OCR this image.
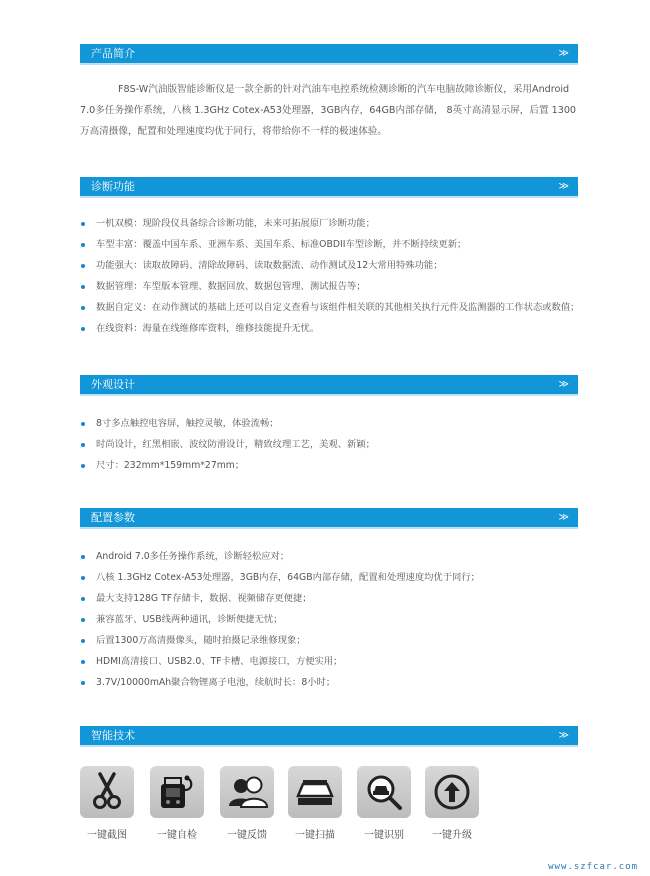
产品简介	≫
F8S-W汽油版智能诊断仪是一款全新的针对汽油车电控系统检测诊断的汽车电脑故障诊断仪，采用Android 7.0多任务操作系统，八核 1.3GHz Cotex-A53处理器，3GB内存，64GB内部存储， 8英寸高清显示屏，后置 1300万高清摄像，配置和处理速度均优于同行，将带给你不一样的极速体验。
诊断功能	≫
一机双模：现阶段仪具备综合诊断功能，未来可拓展原厂诊断功能；
车型丰富：覆盖中国车系、亚洲车系、美国车系、标准OBDII车型诊断，并不断持续更新；
功能强大：读取故障码、清除故障码、读取数据流、动作测试及12大常用特殊功能；
数据管理：车型版本管理、数据回放、数据包管理、测试报告等；
数据自定义：在动作测试的基础上还可以自定义查看与该组件相关联的其他相关执行元件及监测器的工作状态或数值；
在线资料：海量在线维修库资料，维修技能提升无忧。
外观设计	≫
8寸多点触控电容屏，触控灵敏，体验流畅；
时尚设计，红黑相嵌、波纹防滑设计，精致纹理工艺，美观、新颖；
尺寸：232mm*159mm*27mm；
配置参数	≫
Android 7.0多任务操作系统，诊断轻松应对；
八核 1.3GHz Cotex-A53处理器，3GB内存，64GB内部存储，配置和处理速度均优于同行；
最大支持128G TF存储卡，数据、视频储存更便捷；
兼容蓝牙、USB线两种通讯，诊断便捷无忧；
后置1300万高清摄像头，随时拍摄记录维修现象；
HDMI高清接口、USB2.0、TF卡槽、电源接口，方便实用；
3.7V/10000mAh聚合物锂离子电池，续航时长：8小时；
智能技术	≫
一键截图	一键自检	一键反馈	一键扫描	一键识别	一键升级
www.szfcar.com
